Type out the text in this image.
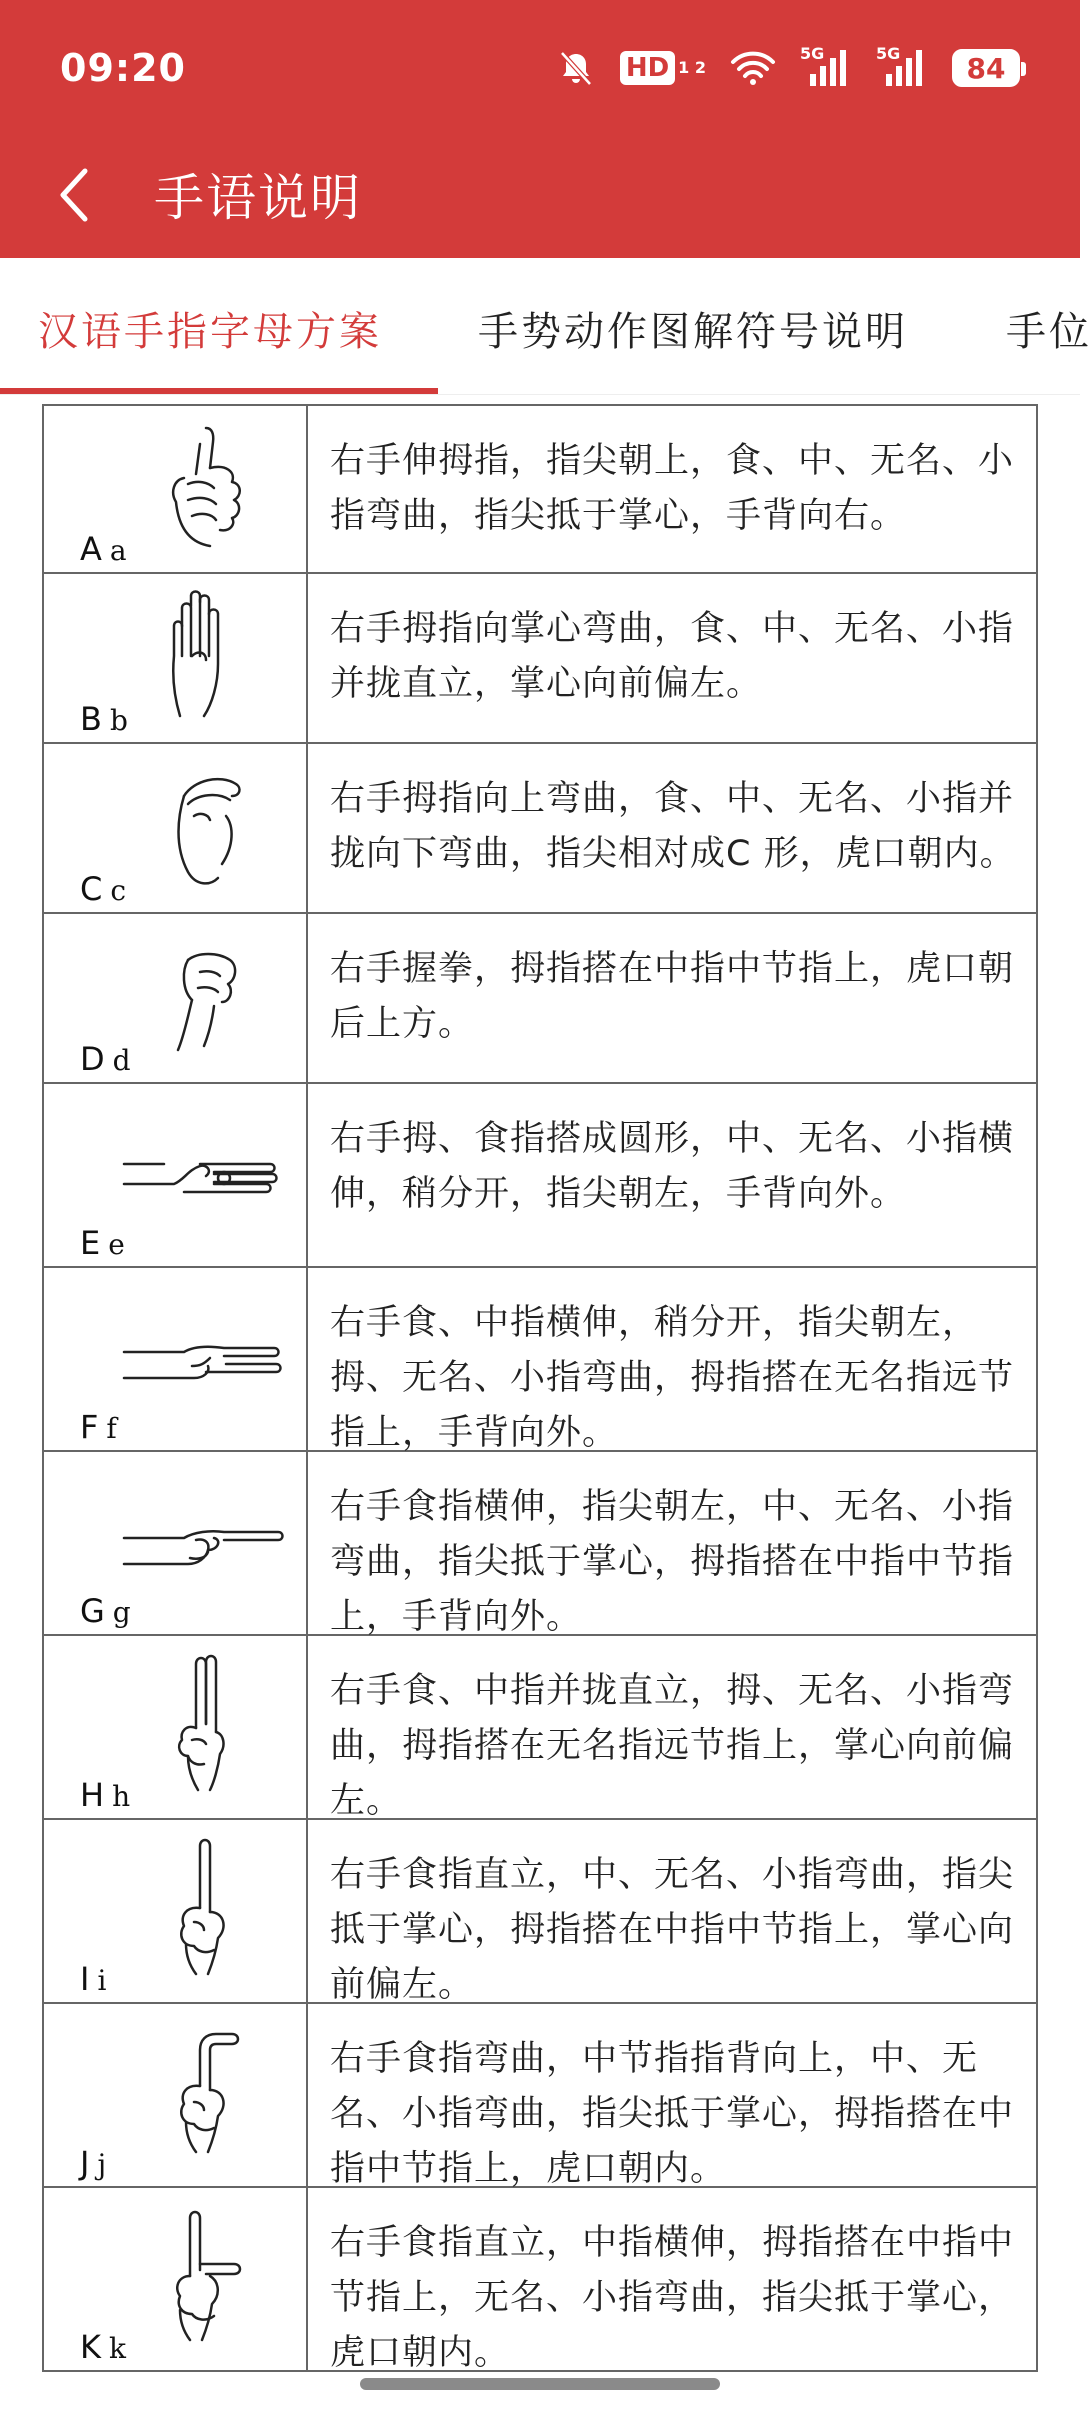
09:20	HD 1 2
5G	5G 84
手语说明
汉语手指字母方案 手势动作图解符号说明 手位
A a
右手伸拇指，指尖朝上，食、中、无名、小指弯曲，指尖抵于掌心，手背向右。
B b
右手拇指向掌心弯曲，食、中、无名、小指并拢直立，掌心向前偏左。
C c
右手拇指向上弯曲，食、中、无名、小指并拢向下弯曲，指尖相对成C 形，虎口朝内。
D d
右手握拳，拇指搭在中指中节指上，虎口朝后上方。
E e
右手拇、食指搭成圆形，中、无名、小指横伸，稍分开，指尖朝左，手背向外。
F f
右手食、中指横伸，稍分开，指尖朝左，拇、无名、小指弯曲，拇指搭在无名指远节指上，手背向外。
G g
右手食指横伸，指尖朝左，中、无名、小指弯曲，指尖抵于掌心，拇指搭在中指中节指上，手背向外。
H h
右手食、中指并拢直立，拇、无名、小指弯曲，拇指搭在无名指远节指上，掌心向前偏左。
I i
右手食指直立，中、无名、小指弯曲，指尖抵于掌心，拇指搭在中指中节指上，掌心向前偏左。
J j
右手食指弯曲，中节指指背向上，中、无名、小指弯曲，指尖抵于掌心，拇指搭在中指中节指上，虎口朝内。
K k
右手食指直立，中指横伸，拇指搭在中指中节指上，无名、小指弯曲，指尖抵于掌心，虎口朝内。
